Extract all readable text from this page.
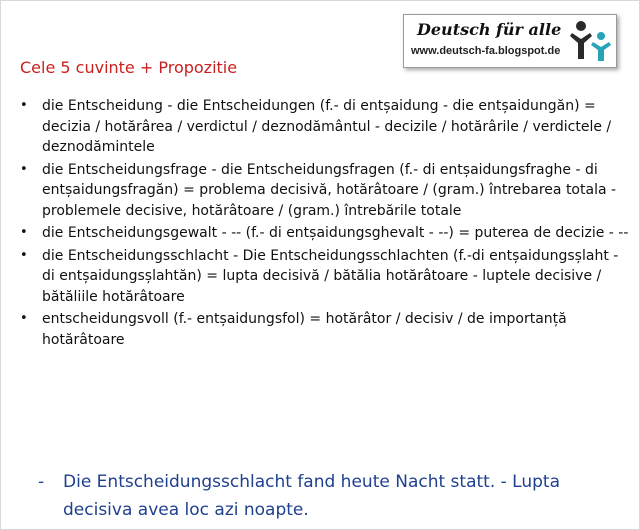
Deutsch für alle
www.deutsch-fa.blogspot.de
Cele 5 cuvinte + Propozitie
• die Entscheidung - die Entscheidungen (f.- di entșaidung - die entșaidungăn) = decizia / hotărârea / verdictul / deznodământul - decizile / hotărârile / verdictele / deznodămintele
• die Entscheidungsfrage - die Entscheidungsfragen (f.- di entșaidungsfraghe - di entșaidungsfragăn) = problema decisivă, hotărâtoare / (gram.) întrebarea totala - problemele decisive, hotărâtoare / (gram.) întrebările totale
• die Entscheidungsgewalt - -- (f.- di entșaidungsghevalt - --) = puterea de decizie - --
• die Entscheidungsschlacht - Die Entscheidungsschlachten (f.-di entșaidungsșlaht - di entșaidungsșlahtăn) = lupta decisivă / bătălia hotărâtoare - luptele decisive / bătăliile hotărâtoare
• entscheidungsvoll (f.- entșaidungsfol) = hotărâtor / decisiv / de importanță hotărâtoare
-	Die Entscheidungsschlacht fand heute Nacht statt. - Lupta decisiva avea loc azi noapte.
